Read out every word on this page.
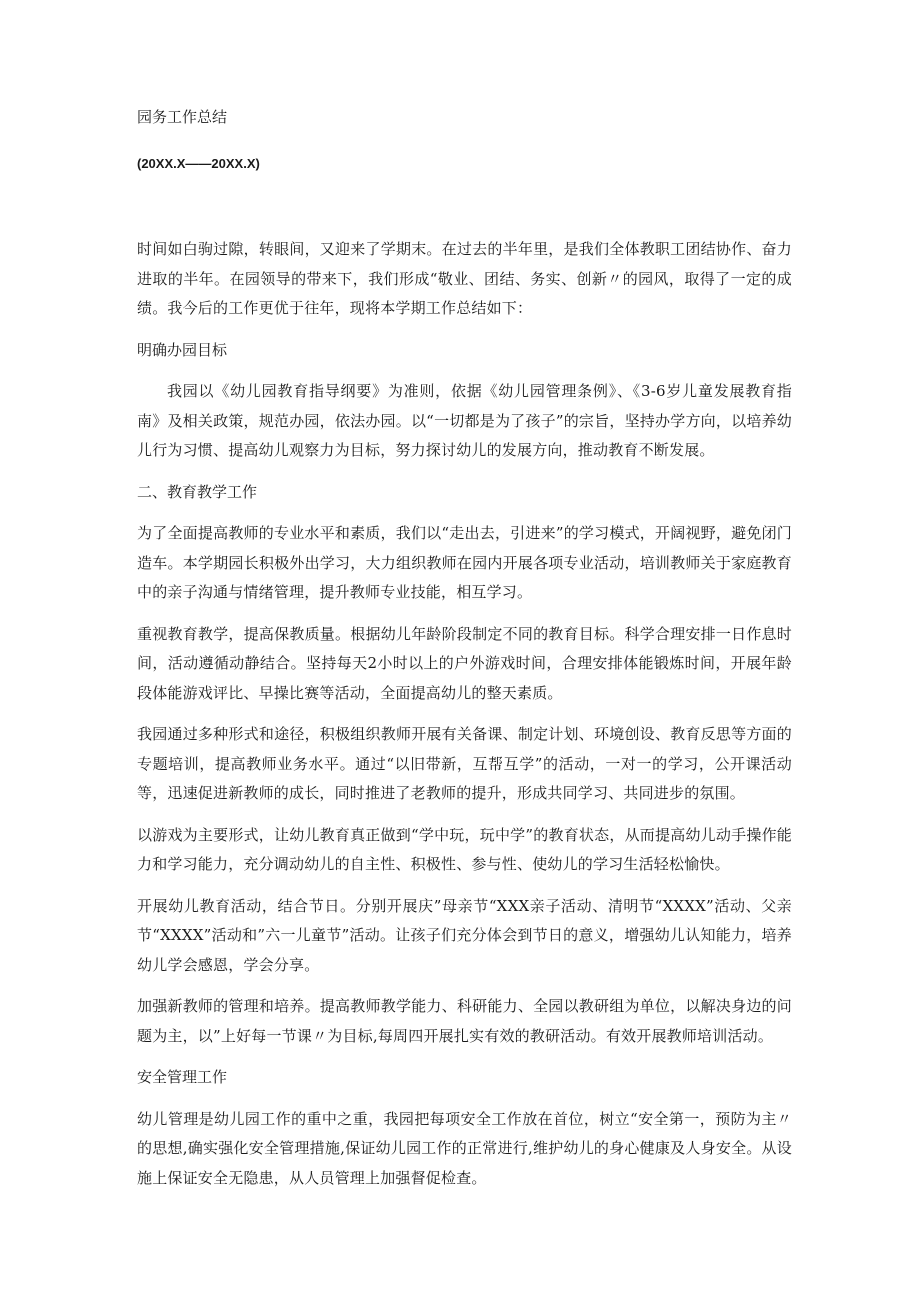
园务工作总结
(20XX.X——20XX.X)

时间如白驹过隙，转眼间，又迎来了学期末。在过去的半年里，是我们全体教职工团结协作、奋力进取的半年。在园领导的带来下，我们形成“敬业、团结、务实、创新〃的园风，取得了一定的成绩。我今后的工作更优于往年，现将本学期工作总结如下：

明确办园目标

我园以《幼儿园教育指导纲要》为准则，依据《幼儿园管理条例》、《3-6岁儿童发展教育指南》及相关政策，规范办园，依法办园。以“一切都是为了孩子”的宗旨，坚持办学方向，以培养幼儿行为习惯、提高幼儿观察力为目标，努力探讨幼儿的发展方向，推动教育不断发展。

二、教育教学工作

为了全面提高教师的专业水平和素质，我们以“走出去，引进来”的学习模式，开阔视野，避免闭门造车。本学期园长积极外出学习，大力组织教师在园内开展各项专业活动，培训教师关于家庭教育中的亲子沟通与情绪管理，提升教师专业技能，相互学习。

重视教育教学，提高保教质量。根据幼儿年龄阶段制定不同的教育目标。科学合理安排一日作息时间，活动遵循动静结合。坚持每天2小时以上的户外游戏时间，合理安排体能锻炼时间，开展年龄段体能游戏评比、早操比赛等活动，全面提高幼儿的整天素质。

我园通过多种形式和途径，积极组织教师开展有关备课、制定计划、环境创设、教育反思等方面的专题培训，提高教师业务水平。通过“以旧带新，互帮互学”的活动，一对一的学习，公开课活动等，迅速促进新教师的成长，同时推进了老教师的提升，形成共同学习、共同进步的氛围。

以游戏为主要形式，让幼儿教育真正做到“学中玩，玩中学”的教育状态，从而提高幼儿动手操作能力和学习能力，充分调动幼儿的自主性、积极性、参与性、使幼儿的学习生活轻松愉快。

开展幼儿教育活动，结合节日。分别开展庆”母亲节“XXX亲子活动、清明节“XXXX”活动、父亲节“XXXX”活动和”六一儿童节”活动。让孩子们充分体会到节日的意义，增强幼儿认知能力，培养幼儿学会感恩，学会分享。

加强新教师的管理和培养。提高教师教学能力、科研能力、全园以教研组为单位，以解决身边的问题为主，以”上好每一节课〃为目标,每周四开展扎实有效的教研活动。有效开展教师培训活动。

安全管理工作

幼儿管理是幼儿园工作的重中之重，我园把每项安全工作放在首位，树立“安全第一，预防为主〃的思想,确实强化安全管理措施,保证幼儿园工作的正常进行,维护幼儿的身心健康及人身安全。从设施上保证安全无隐患，从人员管理上加强督促检查。
